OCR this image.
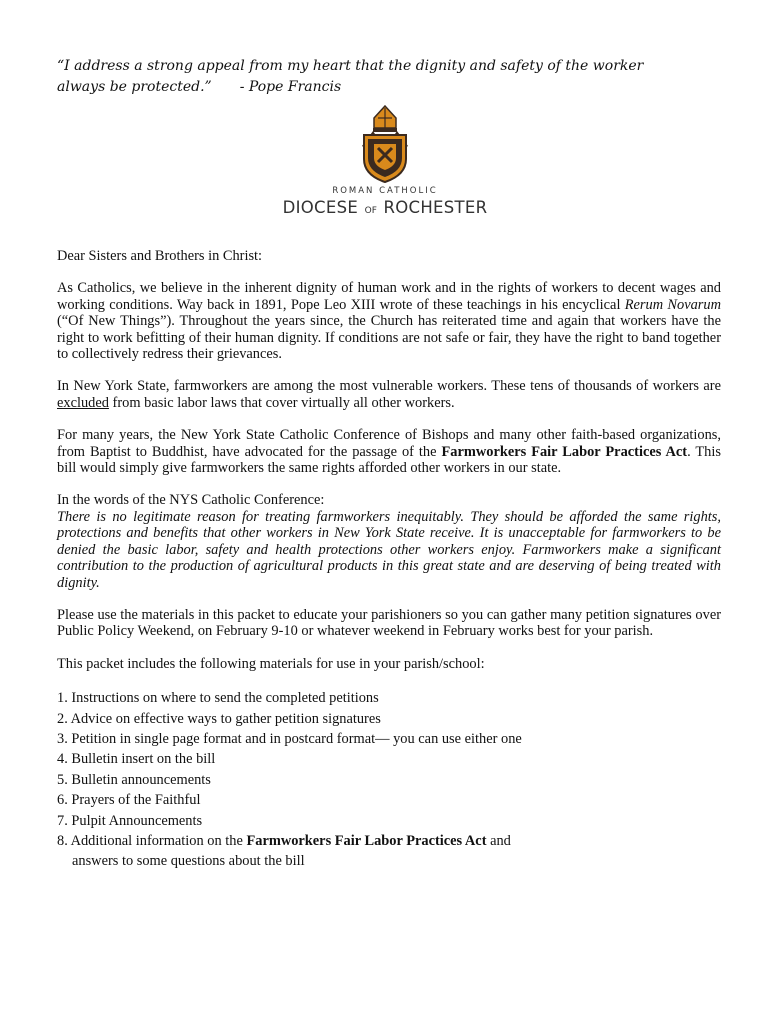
“I address a strong appeal from my heart that the dignity and safety of the worker
always be protected.” - Pope Francis
ROMAN CATHOLIC
DIOCESE OF ROCHESTER

Dear Sisters and Brothers in Christ:

As Catholics, we believe in the inherent dignity of human work and in the rights of workers to decent wages and working conditions. Way back in 1891, Pope Leo XIII wrote of these teachings in his encyclical Rerum Novarum (“Of New Things”). Throughout the years since, the Church has reiterated time and again that workers have the right to work befitting of their human dignity. If conditions are not safe or fair, they have the right to band together to collectively redress their grievances.

In New York State, farmworkers are among the most vulnerable workers. These tens of thousands of workers are excluded from basic labor laws that cover virtually all other workers.

For many years, the New York State Catholic Conference of Bishops and many other faith-based organizations, from Baptist to Buddhist, have advocated for the passage of the Farmworkers Fair Labor Practices Act. This bill would simply give farmworkers the same rights afforded other workers in our state.

In the words of the NYS Catholic Conference:

There is no legitimate reason for treating farmworkers inequitably. They should be afforded the same rights, protections and benefits that other workers in New York State receive. It is unacceptable for farmworkers to be denied the basic labor, safety and health protections other workers enjoy. Farmworkers make a significant contribution to the production of agricultural products in this great state and are deserving of being treated with dignity.

Please use the materials in this packet to educate your parishioners so you can gather many petition signatures over Public Policy Weekend, on February 9-10 or whatever weekend in February works best for your parish.

This packet includes the following materials for use in your parish/school:

1. Instructions on where to send the completed petitions
2. Advice on effective ways to gather petition signatures
3. Petition in single page format and in postcard format— you can use either one
4. Bulletin insert on the bill
5. Bulletin announcements
6. Prayers of the Faithful
7. Pulpit Announcements
8. Additional information on the Farmworkers Fair Labor Practices Act and
answers to some questions about the bill
